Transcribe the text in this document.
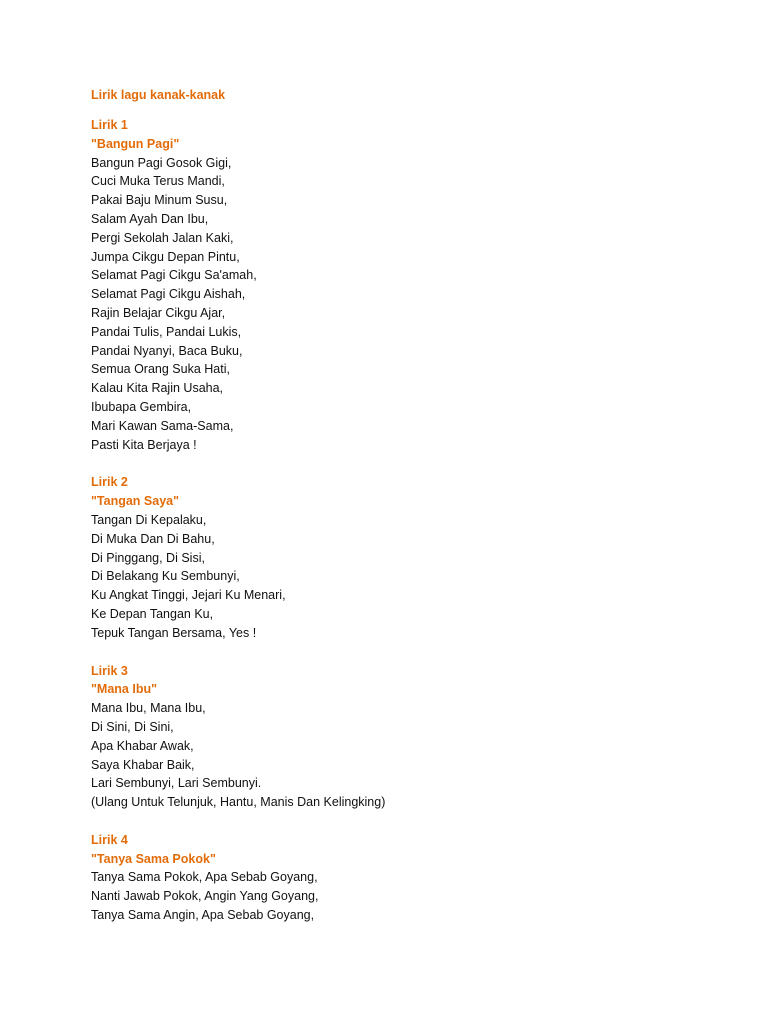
Lirik lagu kanak-kanak
Lirik 1
"Bangun Pagi"
Bangun Pagi Gosok Gigi,
Cuci Muka Terus Mandi,
Pakai Baju Minum Susu,
Salam Ayah Dan Ibu,
Pergi Sekolah Jalan Kaki,
Jumpa Cikgu Depan Pintu,
Selamat Pagi Cikgu Sa'amah,
Selamat Pagi Cikgu Aishah,
Rajin Belajar Cikgu Ajar,
Pandai Tulis, Pandai Lukis,
Pandai Nyanyi, Baca Buku,
Semua Orang Suka Hati,
Kalau Kita Rajin Usaha,
Ibubapa Gembira,
Mari Kawan Sama-Sama,
Pasti Kita Berjaya !
Lirik 2
"Tangan Saya"
Tangan Di Kepalaku,
Di Muka Dan Di Bahu,
Di Pinggang, Di Sisi,
Di Belakang Ku Sembunyi,
Ku Angkat Tinggi, Jejari Ku Menari,
Ke Depan Tangan Ku,
Tepuk Tangan Bersama, Yes !
Lirik 3
"Mana Ibu"
Mana Ibu, Mana Ibu,
Di Sini, Di Sini,
Apa Khabar Awak,
Saya Khabar Baik,
Lari Sembunyi, Lari Sembunyi.
(Ulang Untuk Telunjuk, Hantu, Manis Dan Kelingking)
Lirik 4
"Tanya Sama Pokok"
Tanya Sama Pokok, Apa Sebab Goyang,
Nanti Jawab Pokok, Angin Yang Goyang,
Tanya Sama Angin, Apa Sebab Goyang,
